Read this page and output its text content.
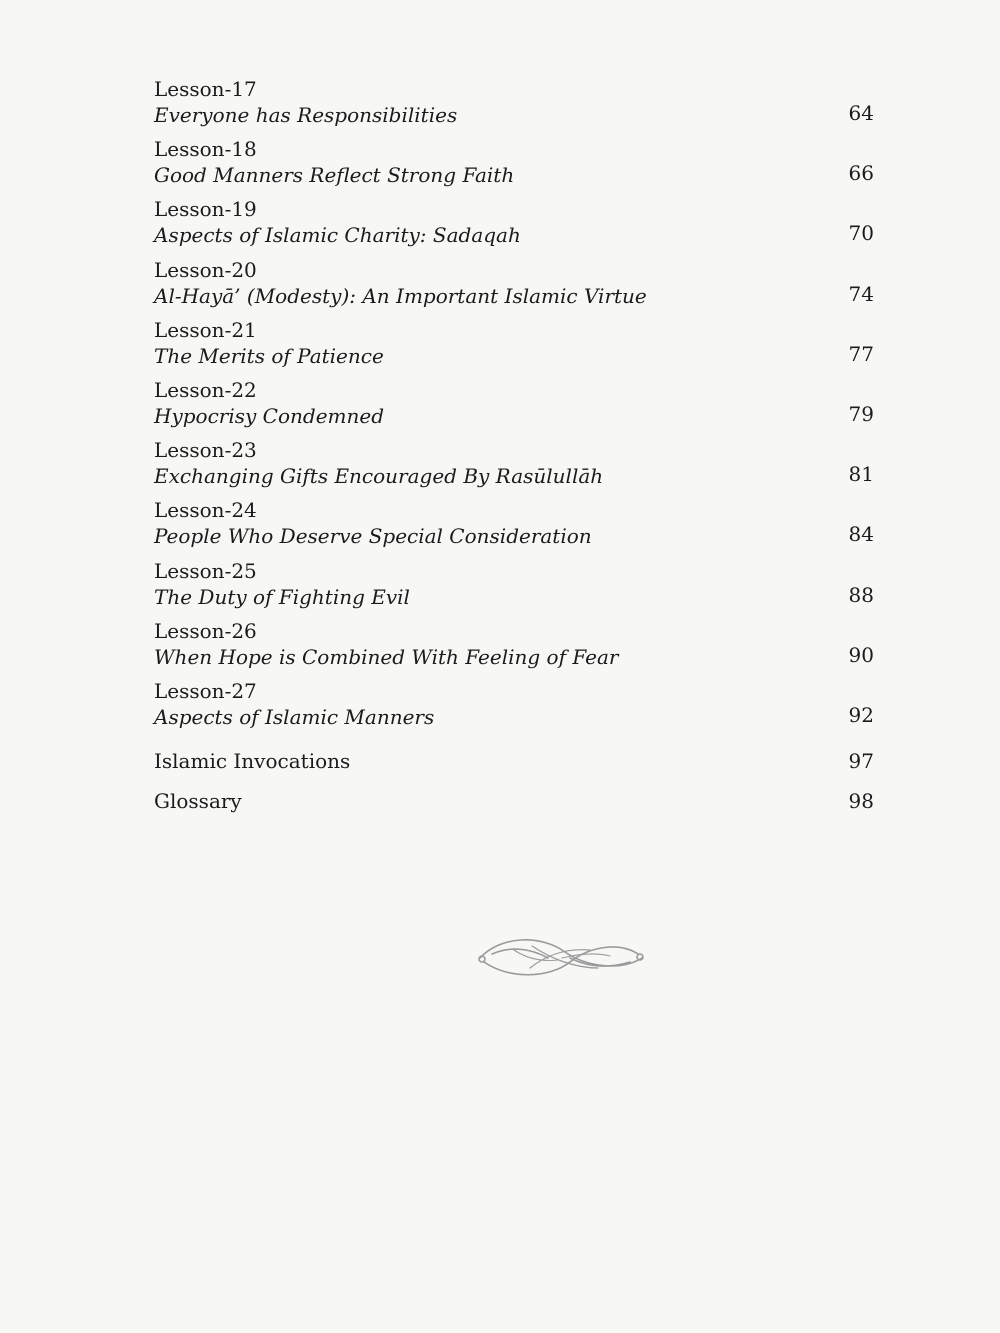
Lesson-17
Everyone has Responsibilities	64
Lesson-18
Good Manners Reflect Strong Faith	66
Lesson-19
Aspects of Islamic Charity: Sadaqah	70
Lesson-20
Al-Hayā’ (Modesty): An Important Islamic Virtue	74
Lesson-21
The Merits of Patience	77
Lesson-22
Hypocrisy Condemned	79
Lesson-23
Exchanging Gifts Encouraged By Rasūlullāh	81
Lesson-24
People Who Deserve Special Consideration	84
Lesson-25
The Duty of Fighting Evil	88
Lesson-26
When Hope is Combined With Feeling of Fear	90
Lesson-27
Aspects of Islamic Manners	92
Islamic Invocations	97
Glossary	98
